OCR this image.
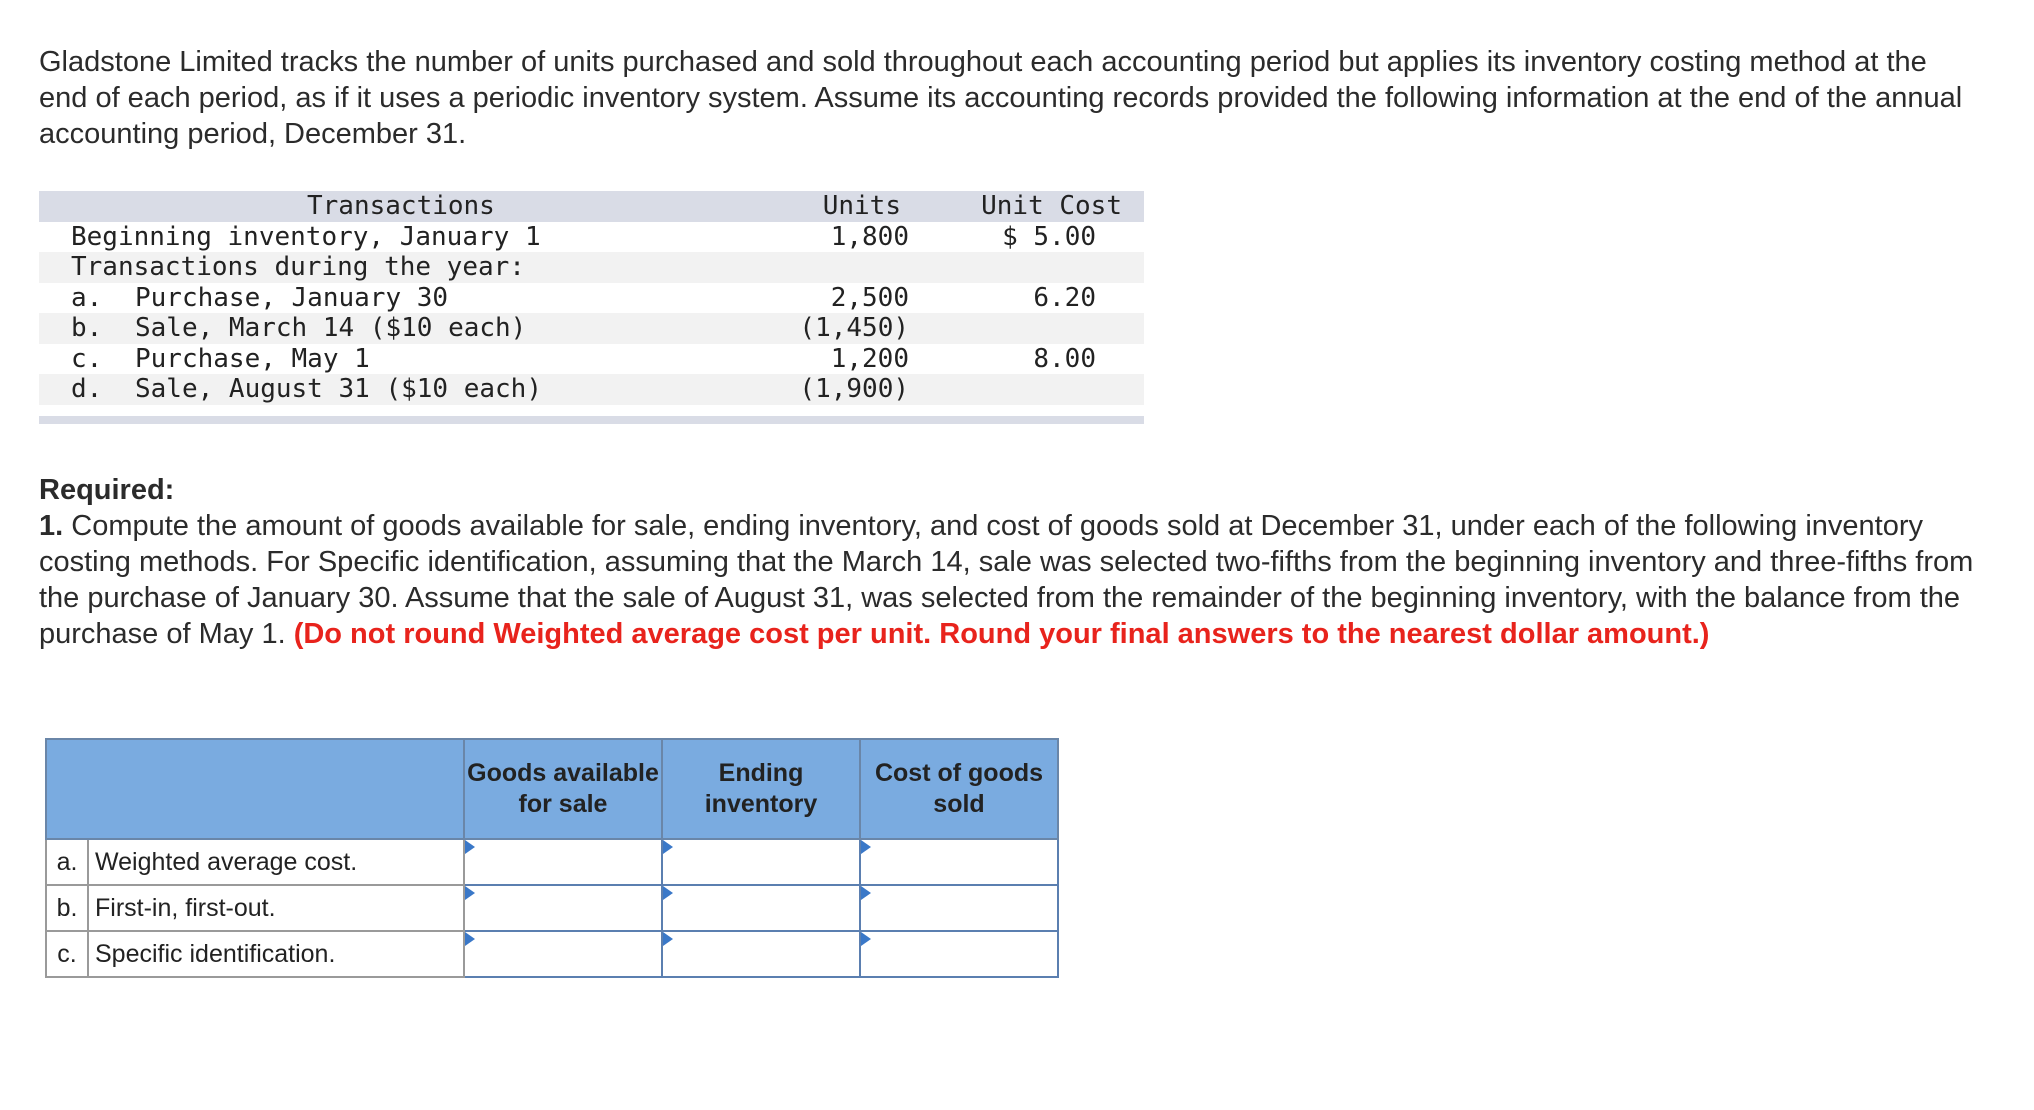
Gladstone Limited tracks the number of units purchased and sold throughout each accounting period but applies its inventory costing method at the end of each period, as if it uses a periodic inventory system. Assume its accounting records provided the following information at the end of the annual accounting period, December 31.
Transactions	Units	Unit Cost
Beginning inventory, January 1	1,800	$ 5.00
Transactions during the year:
a. Purchase, January 30	2,500	6.20
b. Sale, March 14 ($10 each)	(1,450)
c. Purchase, May 1	1,200	8.00
d. Sale, August 31 ($10 each)	(1,900)
Required:
1. Compute the amount of goods available for sale, ending inventory, and cost of goods sold at December 31, under each of the following inventory costing methods. For Specific identification, assuming that the March 14, sale was selected two-fifths from the beginning inventory and three-fifths from the purchase of January 30. Assume that the sale of August 31, was selected from the remainder of the beginning inventory, with the balance from the purchase of May 1. (Do not round Weighted average cost per unit. Round your final answers to the nearest dollar amount.)
		Goods available for sale	Ending inventory	Cost of goods sold
a.	Weighted average cost.	

b.	First-in, first-out.	

c.	Specific identification.	
